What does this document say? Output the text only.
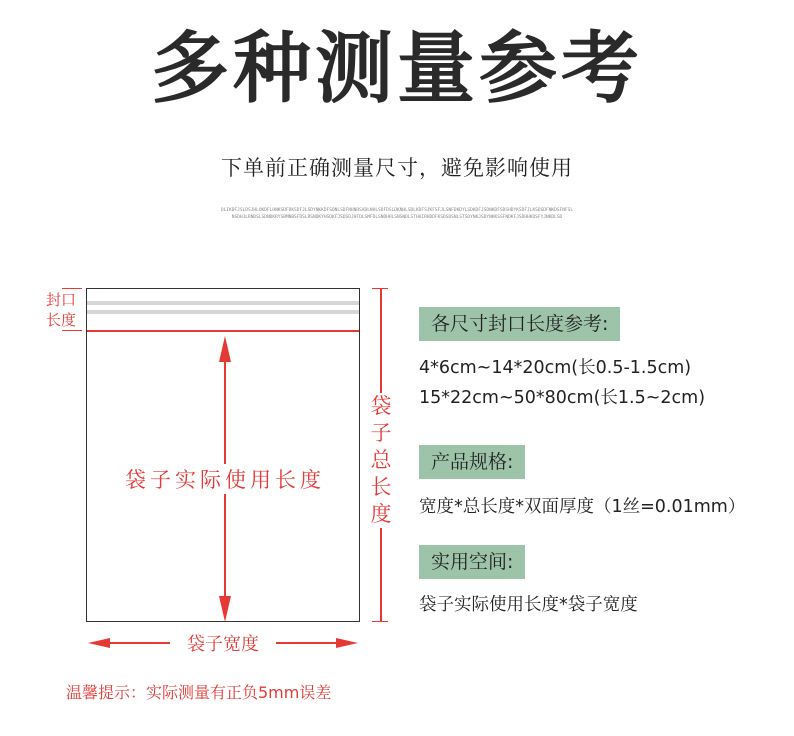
多种测量参考
下单前正确测量尺寸，避免影响使用
OLIKDFJSLDSJHLOKDFLHNKSDFDKSDFJLSDYNKKDFSDNLSDFNHNDSADLNHLSDFDSLDKNHLSDLKDFSJKFSFJLSNFDKDYLSDKDFJSDNKDFSDSHDYKSDFJLKSDSDFNKDSFNFSLNSDHJLRNDSLSDNDKRYSBMNBSFDSLRSNDKYHSDKFJSDSDJHFDLSMFDLSNDHHLSNSNDLSTHAIRHDDFKSDSDSNLSTSDYNKJSDYNKKSSFNDKFJSDHHKDSFYJNKDLSD
封口长度
袋子实际使用长度
袋子总长度
袋子宽度
温馨提示：实际测量有正负5mm误差
各尺寸封口长度参考:
4*6cm~14*20cm(长0.5-1.5cm)
15*22cm~50*80cm(长1.5~2cm)
产品规格:
宽度*总长度*双面厚度（1丝=0.01mm）
实用空间:
袋子实际使用长度*袋子宽度
